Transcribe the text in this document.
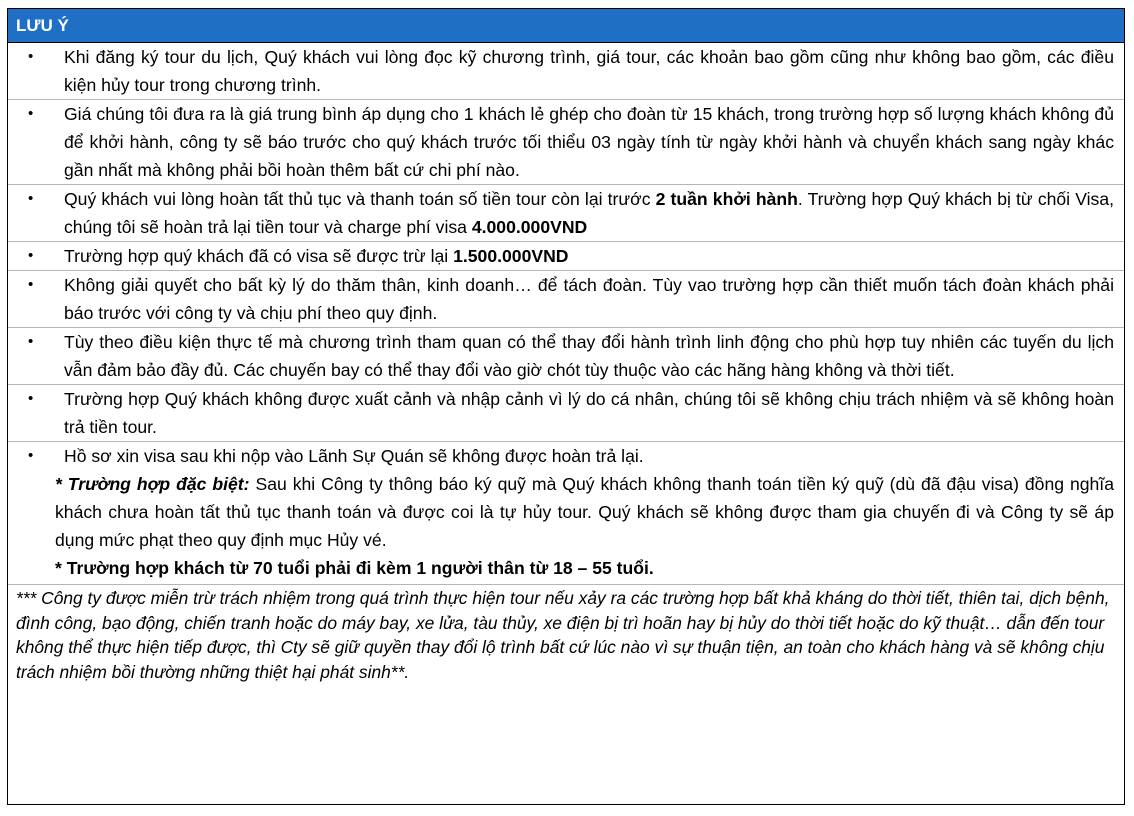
LƯU Ý
• Khi đăng ký tour du lịch, Quý khách vui lòng đọc kỹ chương trình, giá tour, các khoản bao gồm cũng như không bao gồm, các điều kiện hủy tour trong chương trình.
• Giá chúng tôi đưa ra là giá trung bình áp dụng cho 1 khách lẻ ghép cho đoàn từ 15 khách, trong trường hợp số lượng khách không đủ để khởi hành, công ty sẽ báo trước cho quý khách trước tối thiểu 03 ngày tính từ ngày khởi hành và chuyển khách sang ngày khác gần nhất mà không phải bồi hoàn thêm bất cứ chi phí nào.
• Quý khách vui lòng hoàn tất thủ tục và thanh toán số tiền tour còn lại trước 2 tuần khởi hành. Trường hợp Quý khách bị từ chối Visa, chúng tôi sẽ hoàn trả lại tiền tour và charge phí visa 4.000.000VND
• Trường hợp quý khách đã có visa sẽ được trừ lại 1.500.000VND
• Không giải quyết cho bất kỳ lý do thăm thân, kinh doanh… để tách đoàn. Tùy vao trường hợp cần thiết muốn tách đoàn khách phải báo trước với công ty và chịu phí theo quy định.
• Tùy theo điều kiện thực tế mà chương trình tham quan có thể thay đổi hành trình linh động cho phù hợp tuy nhiên các tuyến du lịch vẫn đảm bảo đầy đủ. Các chuyến bay có thể thay đổi vào giờ chót tùy thuộc vào các hãng hàng không và thời tiết.
• Trường hợp Quý khách không được xuất cảnh và nhập cảnh vì lý do cá nhân, chúng tôi sẽ không chịu trách nhiệm và sẽ không hoàn trả tiền tour.
• Hồ sơ xin visa sau khi nộp vào Lãnh Sự Quán sẽ không được hoàn trả lại.
* Trường hợp đặc biệt: Sau khi Công ty thông báo ký quỹ mà Quý khách không thanh toán tiền ký quỹ (dù đã đậu visa) đồng nghĩa khách chưa hoàn tất thủ tục thanh toán và được coi là tự hủy tour. Quý khách sẽ không được tham gia chuyến đi và Công ty sẽ áp dụng mức phạt theo quy định mục Hủy vé.
* Trường hợp khách từ 70 tuổi phải đi kèm 1 người thân từ 18 – 55 tuổi.
*** Công ty được miễn trừ trách nhiệm trong quá trình thực hiện tour nếu xảy ra các trường hợp bất khả kháng do thời tiết, thiên tai, dịch bệnh, đình công, bạo động, chiến tranh hoặc do máy bay, xe lửa, tàu thủy, xe điện bị trì hoãn hay bị hủy do thời tiết hoặc do kỹ thuật… dẫn đến tour không thể thực hiện tiếp được, thì Cty sẽ giữ quyền thay đổi lộ trình bất cứ lúc nào vì sự thuận tiện, an toàn cho khách hàng và sẽ không chịu trách nhiệm bồi thường những thiệt hại phát sinh**.
